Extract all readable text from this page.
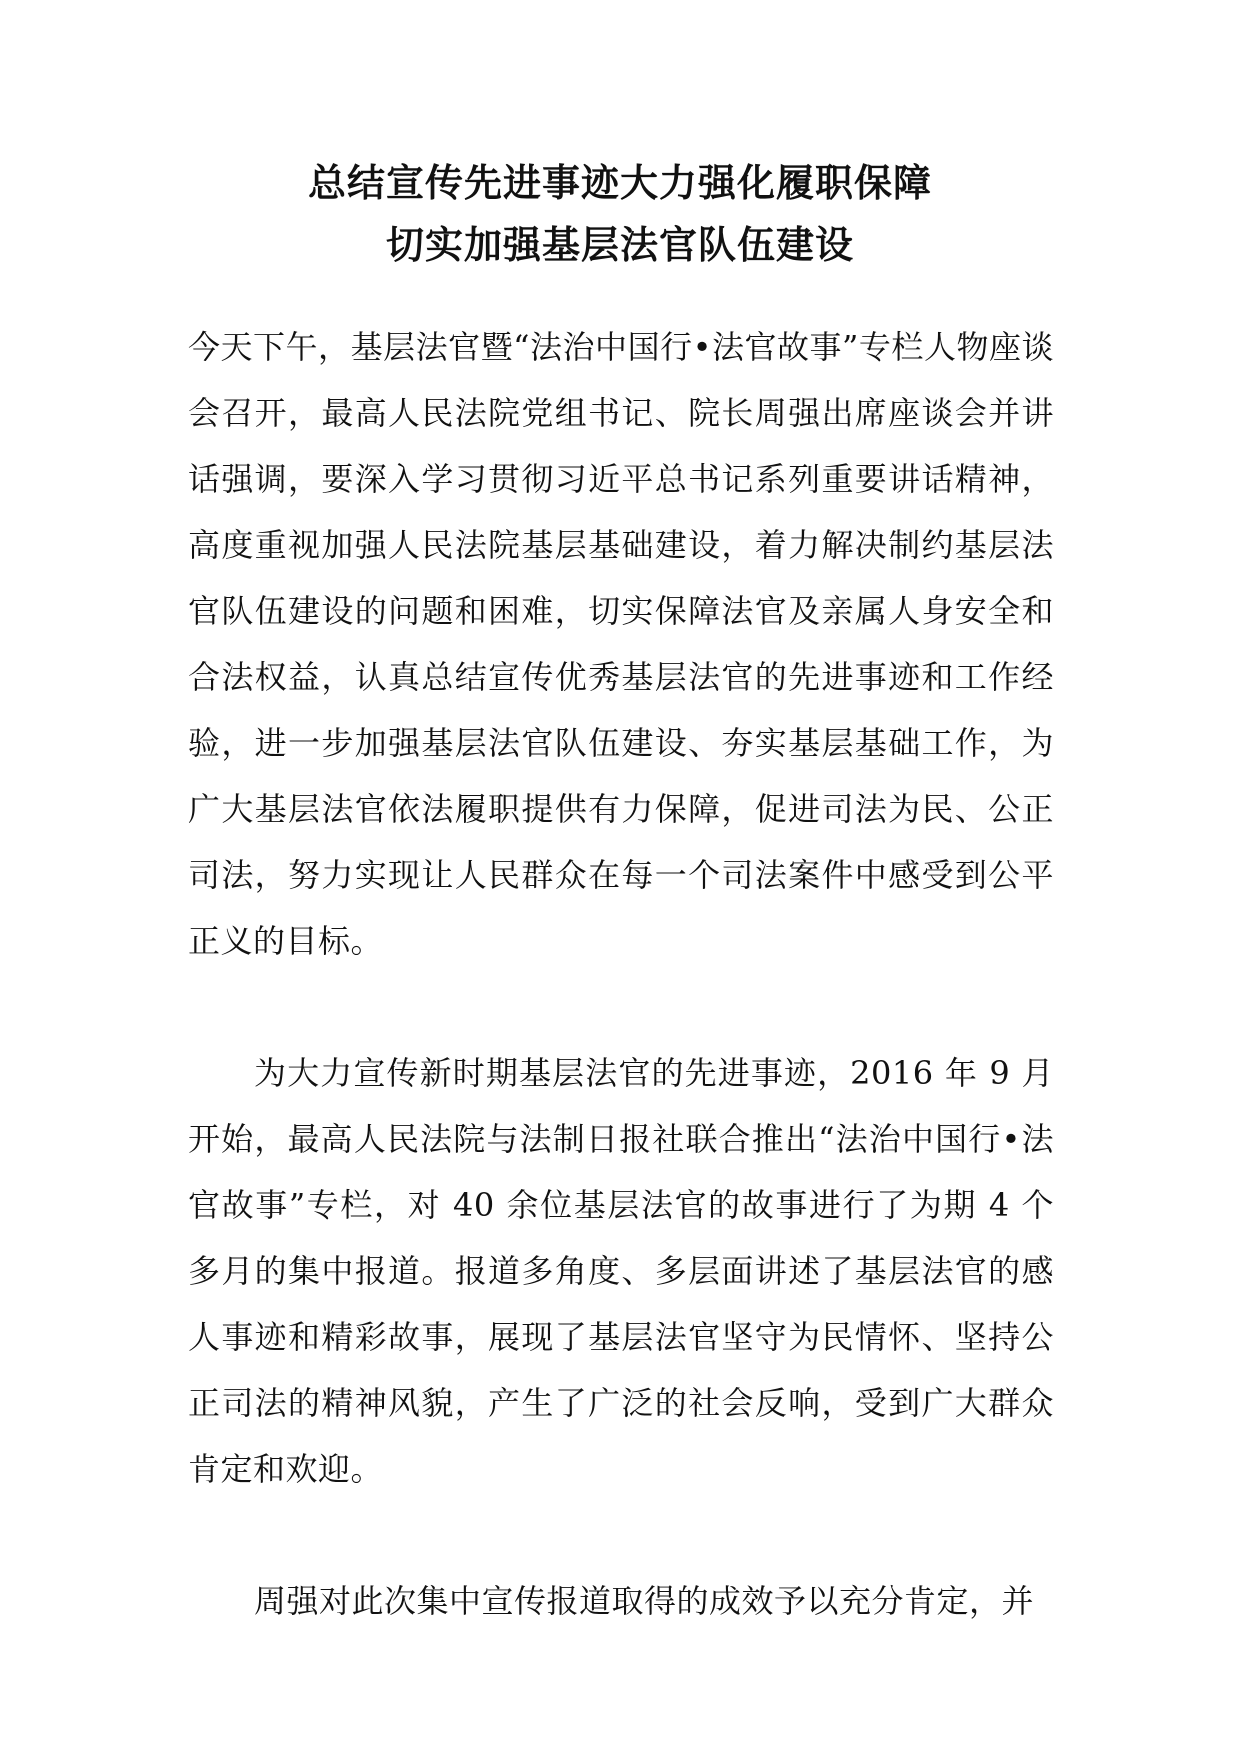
总结宣传先进事迹大力强化履职保障
切实加强基层法官队伍建设

今天下午，基层法官暨“法治中国行•法官故事”专栏人物座谈会召开，最高人民法院党组书记、院长周强出席座谈会并讲话强调，要深入学习贯彻习近平总书记系列重要讲话精神，高度重视加强人民法院基层基础建设，着力解决制约基层法官队伍建设的问题和困难，切实保障法官及亲属人身安全和合法权益，认真总结宣传优秀基层法官的先进事迹和工作经验，进一步加强基层法官队伍建设、夯实基层基础工作，为广大基层法官依法履职提供有力保障，促进司法为民、公正司法，努力实现让人民群众在每一个司法案件中感受到公平正义的目标。

为大力宣传新时期基层法官的先进事迹，2016 年 9 月开始，最高人民法院与法制日报社联合推出“法治中国行•法官故事”专栏，对 40 余位基层法官的故事进行了为期 4 个多月的集中报道。报道多角度、多层面讲述了基层法官的感人事迹和精彩故事，展现了基层法官坚守为民情怀、坚持公正司法的精神风貌，产生了广泛的社会反响，受到广大群众肯定和欢迎。

周强对此次集中宣传报道取得的成效予以充分肯定，并
